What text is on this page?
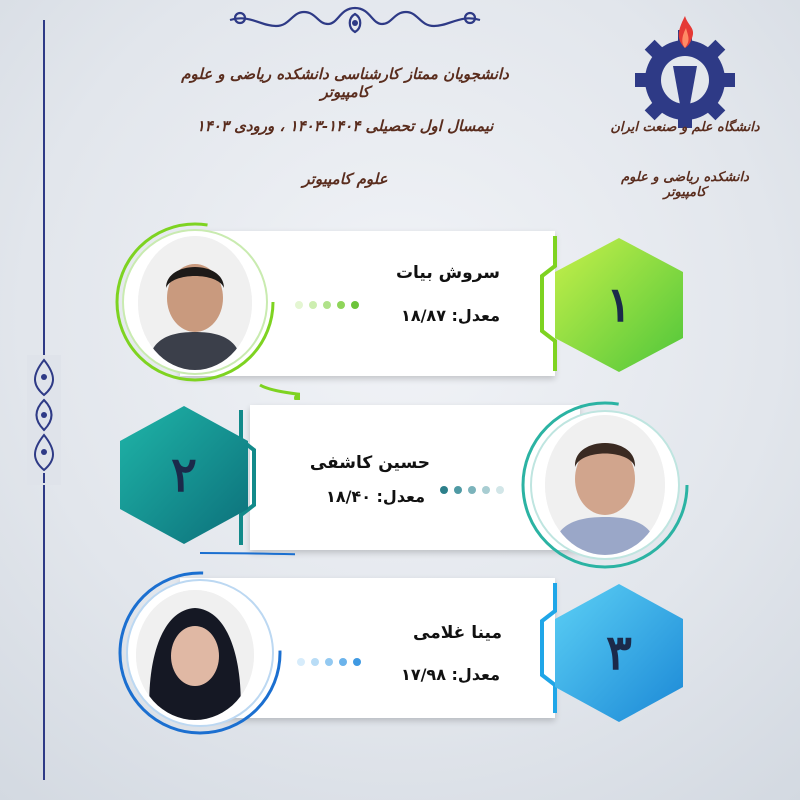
دانشجویان ممتاز کارشناسی دانشکده ریاضی و علوم کامپیوتر
نیمسال اول تحصیلی ۱۴۰۴-۱۴۰۳ ، ورودی ۱۴۰۳
علوم کامپیوتر
دانشگاه علم و صنعت ایران
دانشکده ریاضی و علوم کامپیوتر
سروش بیات
معدل: ۱۸/۸۷	۱
حسین کاشفی
معدل: ۱۸/۴۰
۲
مینا غلامی
معدل: ۱۷/۹۸	۳
